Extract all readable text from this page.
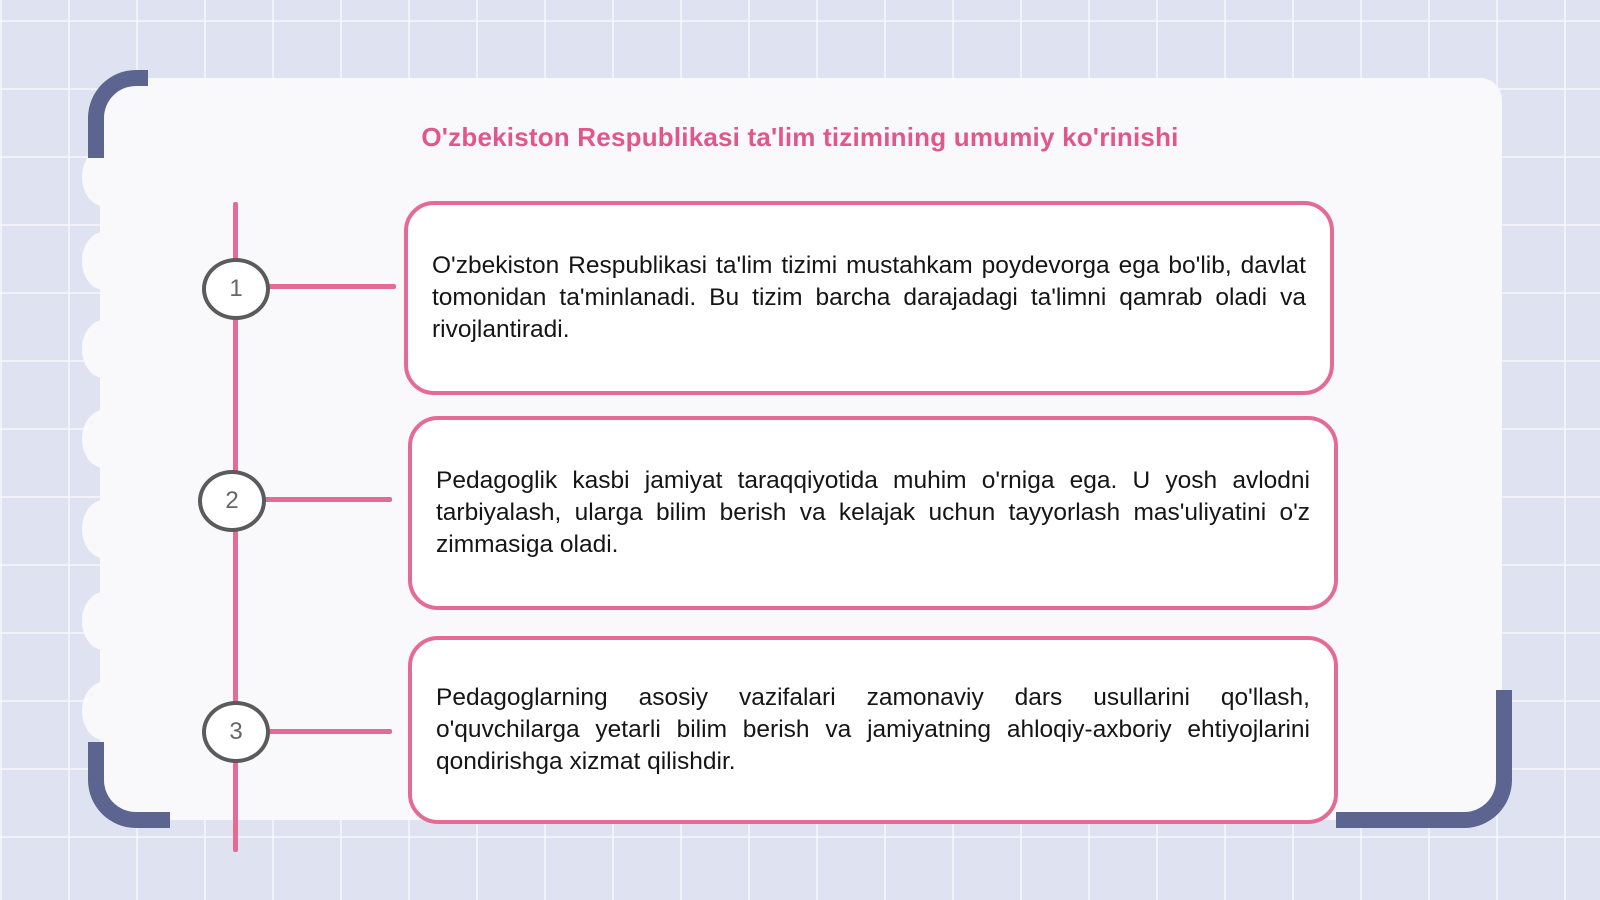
O'zbekiston Respublikasi ta'lim tizimining umumiy ko'rinishi
1
2
3

O'zbekiston Respublikasi ta'lim tizimi mustahkam poydevorga ega bo'lib, davlat tomonidan ta'minlanadi. Bu tizim barcha darajadagi ta'limni qamrab oladi va rivojlantiradi.

Pedagoglik kasbi jamiyat taraqqiyotida muhim o'rniga ega. U yosh avlodni tarbiyalash, ularga bilim berish va kelajak uchun tayyorlash mas'uliyatini o'z zimmasiga oladi.

Pedagoglarning asosiy vazifalari zamonaviy dars usullarini qo'llash, o'quvchilarga yetarli bilim berish va jamiyatning ahloqiy-axboriy ehtiyojlarini qondirishga xizmat qilishdir.
